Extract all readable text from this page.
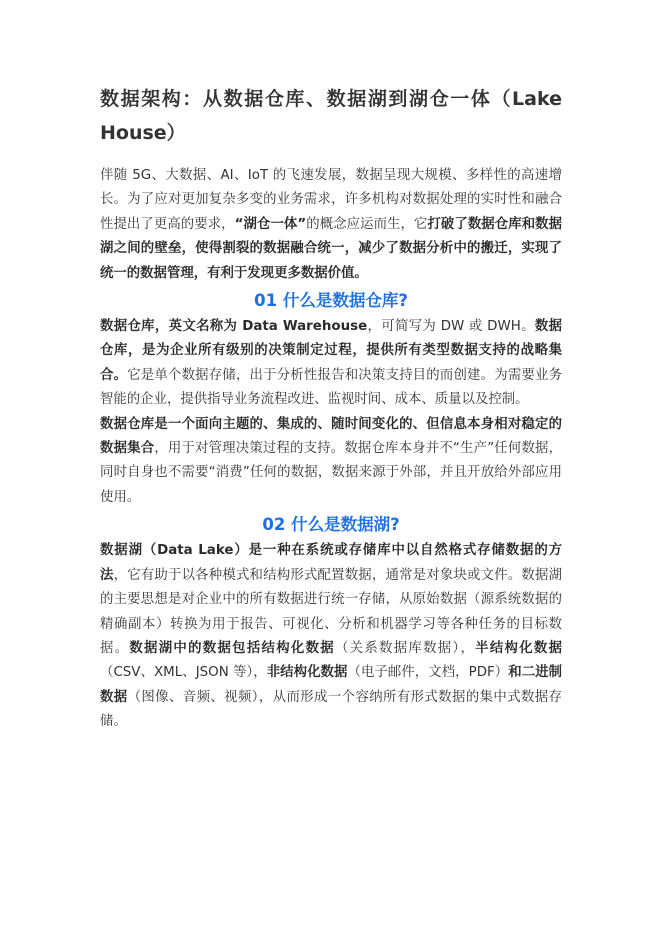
数据架构：从数据仓库、数据湖到湖仓一体（Lake House）

伴随 5G、大数据、AI、IoT 的飞速发展，数据呈现大规模、多样性的高速增长。为了应对更加复杂多变的业务需求，许多机构对数据处理的实时性和融合性提出了更高的要求，“湖仓一体”的概念应运而生，它打破了数据仓库和数据湖之间的壁垒，使得割裂的数据融合统一，减少了数据分析中的搬迁，实现了统一的数据管理，有利于发现更多数据价值。

01 什么是数据仓库?

数据仓库，英文名称为 Data Warehouse，可简写为 DW 或 DWH。数据仓库，是为企业所有级别的决策制定过程，提供所有类型数据支持的战略集合。它是单个数据存储，出于分析性报告和决策支持目的而创建。为需要业务智能的企业，提供指导业务流程改进、监视时间、成本、质量以及控制。

数据仓库是一个面向主题的、集成的、随时间变化的、但信息本身相对稳定的数据集合，用于对管理决策过程的支持。数据仓库本身并不“生产”任何数据，同时自身也不需要“消费”任何的数据，数据来源于外部，并且开放给外部应用使用。

02 什么是数据湖?

数据湖（Data Lake）是一种在系统或存储库中以自然格式存储数据的方法，它有助于以各种模式和结构形式配置数据，通常是对象块或文件。数据湖的主要思想是对企业中的所有数据进行统一存储，从原始数据（源系统数据的精确副本）转换为用于报告、可视化、分析和机器学习等各种任务的目标数据。数据湖中的数据包括结构化数据（关系数据库数据），半结构化数据（CSV、XML、JSON 等），非结构化数据（电子邮件，文档，PDF）和二进制数据（图像、音频、视频），从而形成一个容纳所有形式数据的集中式数据存储。
